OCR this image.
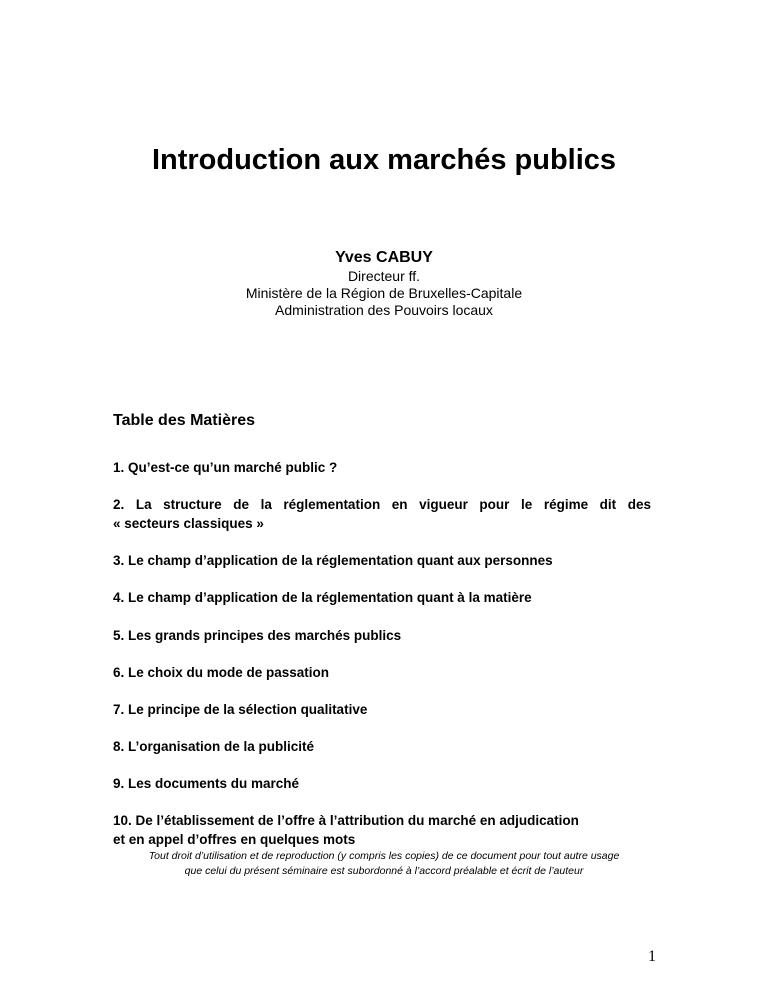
Introduction aux marchés publics
Yves CABUY
Directeur ff.
Ministère de la Région de Bruxelles-Capitale
Administration des Pouvoirs locaux
Table des Matières
1. Qu’est-ce qu’un marché public ?
2. La structure de la réglementation en vigueur pour le régime dit des
« secteurs classiques »
3. Le champ d’application de la réglementation quant aux personnes
4. Le champ d’application de la réglementation quant à la matière
5. Les grands principes des marchés publics
6. Le choix du mode de passation
7. Le principe de la sélection qualitative
8. L’organisation de la publicité
9. Les documents du marché
10. De l’établissement de l’offre à l’attribution du marché en adjudication
et en appel d’offres en quelques mots
Tout droit d’utilisation et de reproduction (y compris les copies) de ce document pour tout autre usage
que celui du présent séminaire est subordonné à l’accord préalable et écrit de l’auteur
1
